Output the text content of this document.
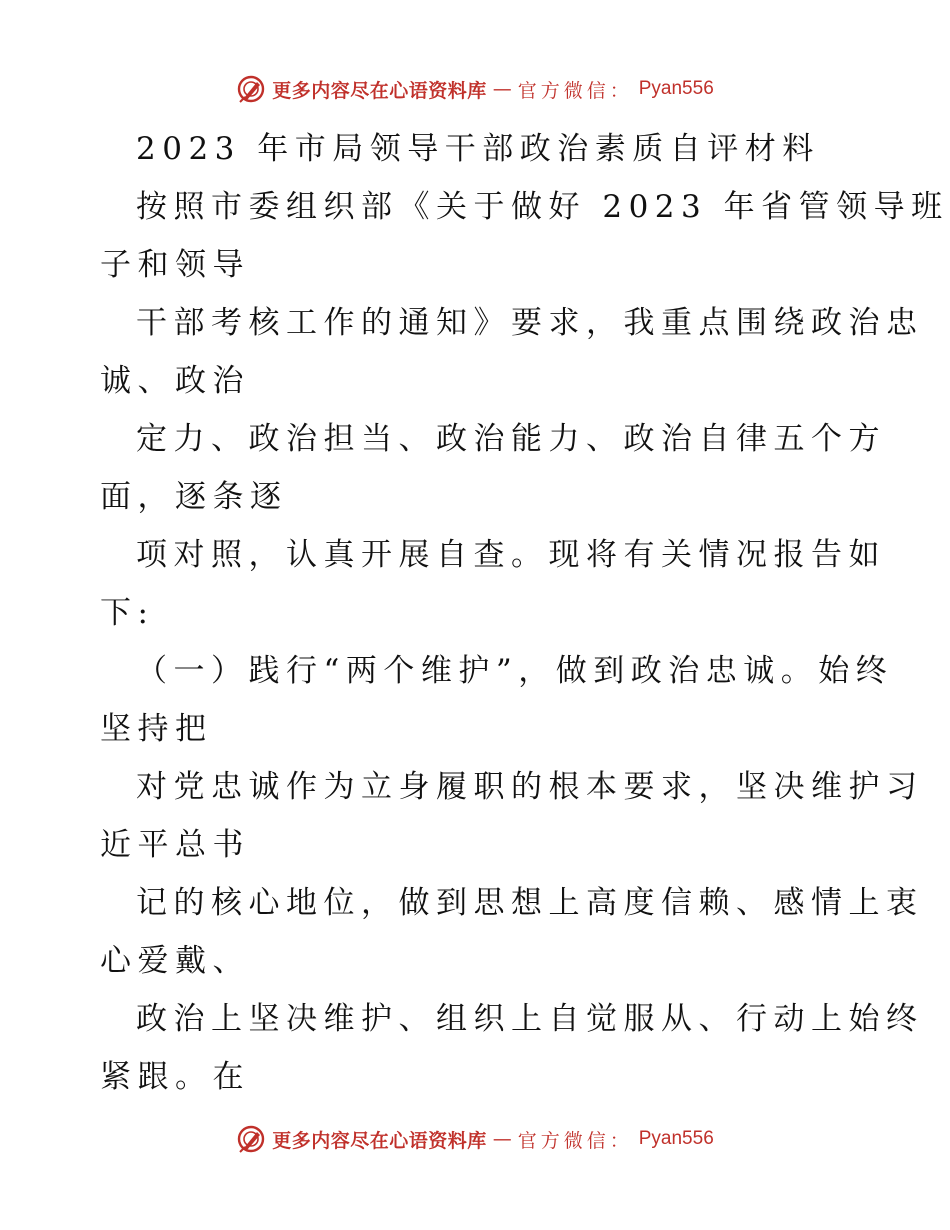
更多内容尽在心语资料库 — 官方微信： Pyan556
2023 年市局领导干部政治素质自评材料
按照市委组织部《关于做好 2023 年省管领导班
子和领导
干部考核工作的通知》要求，我重点围绕政治忠
诚、政治
定力、政治担当、政治能力、政治自律五个方
面，逐条逐
项对照，认真开展自查。现将有关情况报告如
下:
（一）践行“两个维护”，做到政治忠诚。始终
坚持把
对党忠诚作为立身履职的根本要求，坚决维护习
近平总书
记的核心地位，做到思想上高度信赖、感情上衷
心爱戴、
政治上坚决维护、组织上自觉服从、行动上始终
紧跟。在
更多内容尽在心语资料库 — 官方微信： Pyan556
